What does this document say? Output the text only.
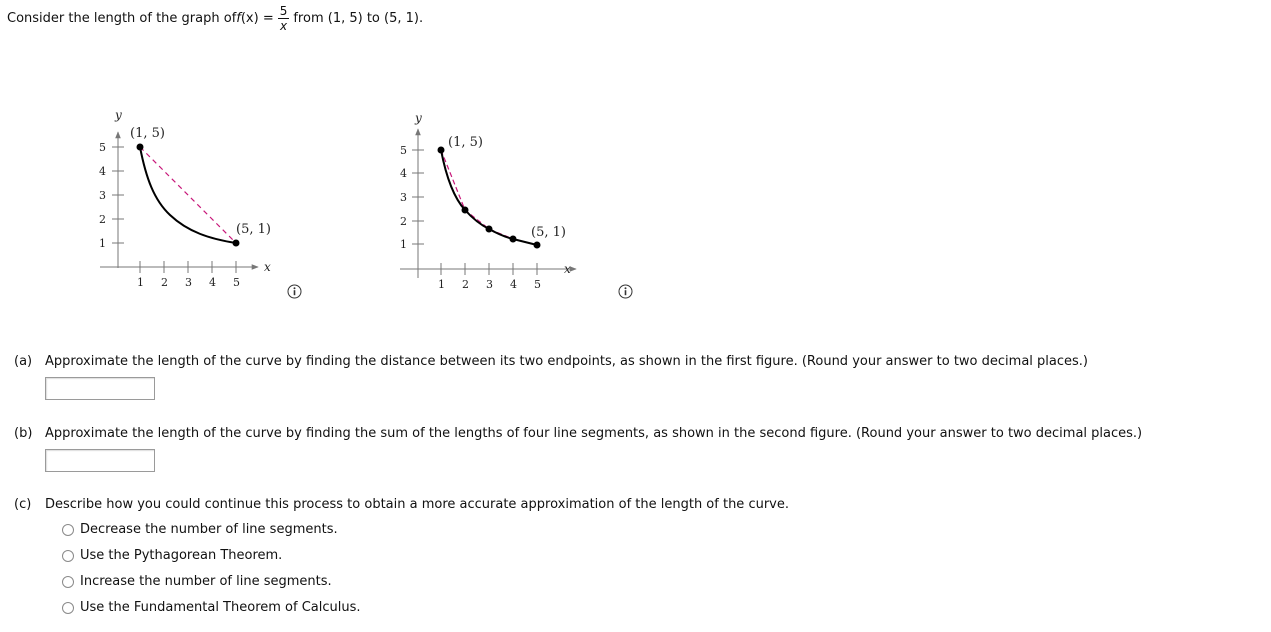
Consider the length of the graph of f $(x) = \frac{5}{x}$ from (1, 5) to (5, 1).
y
x
5
4
3
2
1
1 2 3 4 5
(1, 5)
(5, 1)
y
x
5
4
3
2
1
1 2 3 4 5
(1, 5)
(5, 1)
(a) Approximate the length of the curve by finding the distance between its two endpoints, as shown in the first figure. (Round your answer to two decimal places.)
(b) Approximate the length of the curve by finding the sum of the lengths of four line segments, as shown in the second figure. (Round your answer to two decimal places.)
(c) Describe how you could continue this process to obtain a more accurate approximation of the length of the curve.
Decrease the number of line segments.
Use the Pythagorean Theorem.
Increase the number of line segments.
Use the Fundamental Theorem of Calculus.
